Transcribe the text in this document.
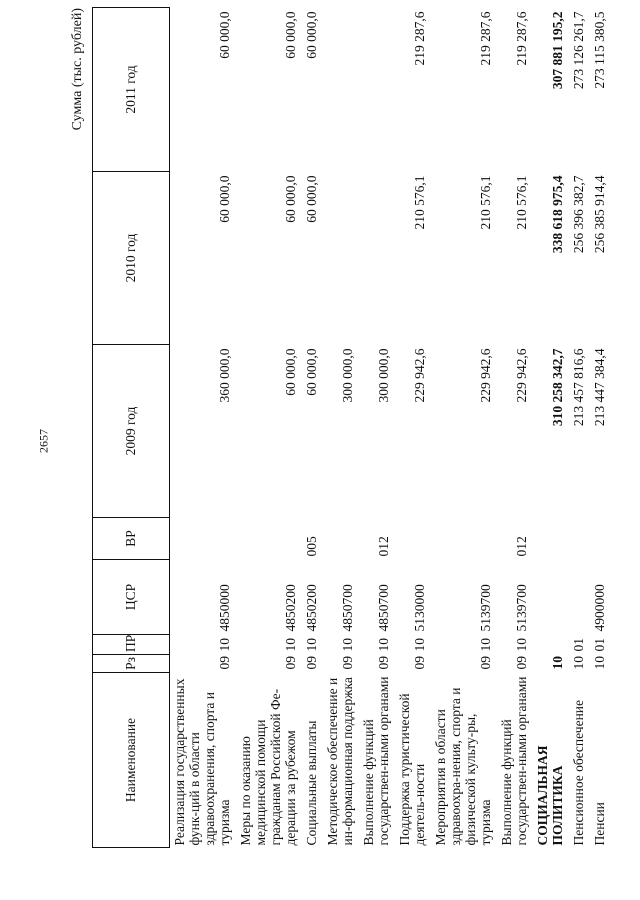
2657
Сумма (тыс. рублей)
Наименование	Рз	ПР	ЦСР	ВР	2009 год	2010 год	2011 год
Реализация государственных функ-ций в области здравоохранения, спорта и туризма	09	10	4850000		360 000,0	60 000,0	60 000,0
Меры по оказанию медицинской помощи гражданам Российской Фе-дерации за рубежом	09	10	4850200		60 000,0	60 000,0	60 000,0
Социальные выплаты	09	10	4850200	005	60 000,0	60 000,0	60 000,0
Методическое обеспечение и ин-формационная поддержка	09	10	4850700		300 000,0		
Выполнение функций государствен-ными органами	09	10	4850700	012	300 000,0		
Поддержка туристической деятель-ности	09	10	5130000		229 942,6	210 576,1	219 287,6
Мероприятия в области здравоохра-нения, спорта и физической культу-ры, туризма	09	10	5139700		229 942,6	210 576,1	219 287,6
Выполнение функций государствен-ными органами	09	10	5139700	012	229 942,6	210 576,1	219 287,6
СОЦИАЛЬНАЯ ПОЛИТИКА	10				310 258 342,7	338 618 975,4	307 881 195,2
Пенсионное обеспечение	10	01			213 457 816,6	256 396 382,7	273 126 261,7
Пенсии	10	01	4900000		213 447 384,4	256 385 914,4	273 115 380,5
